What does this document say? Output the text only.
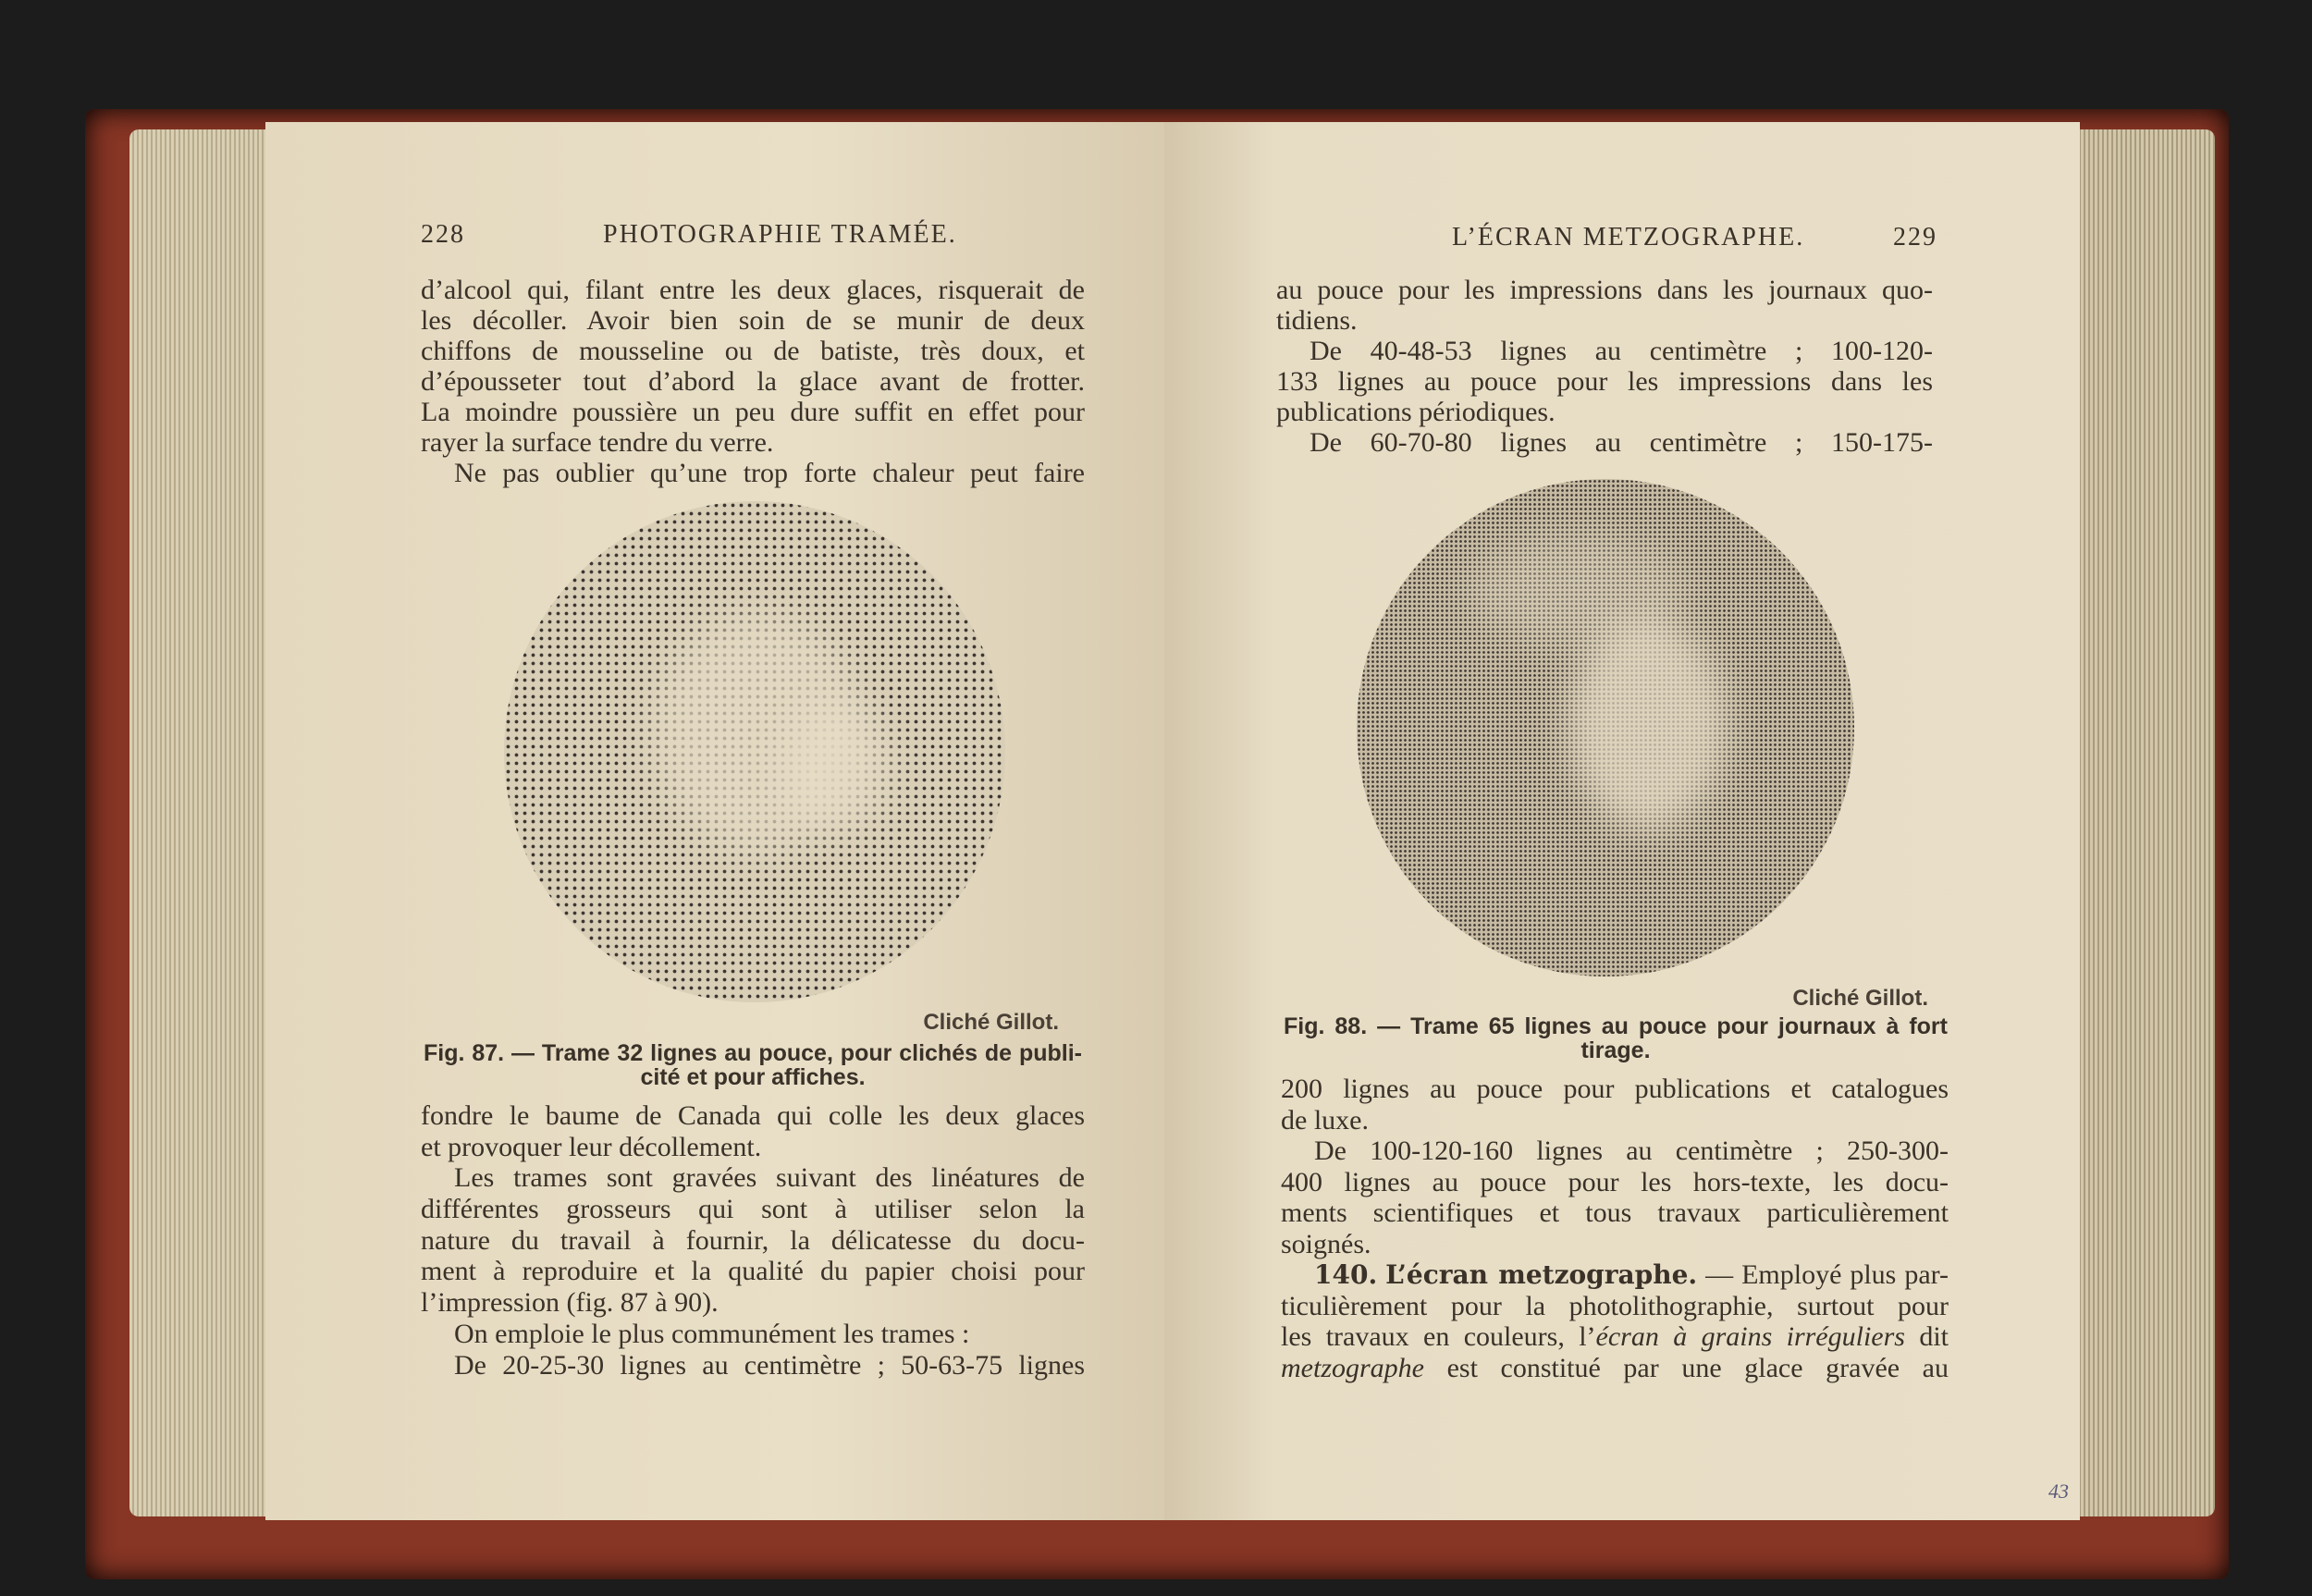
228	PHOTOGRAPHIE TRAMÉE.
d’alcool qui, filant entre les deux glaces, risquerait de
les décoller. Avoir bien soin de se munir de deux
chiffons de mousseline ou de batiste, très doux, et
d’épousseter tout d’abord la glace avant de frotter.
La moindre poussière un peu dure suffit en effet pour
rayer la surface tendre du verre.
Ne pas oublier qu’une trop forte chaleur peut faire
Cliché Gillot.
Fig. 87. — Trame 32 lignes au pouce, pour clichés de publi-
cité et pour affiches.
fondre le baume de Canada qui colle les deux glaces
et provoquer leur décollement.
Les trames sont gravées suivant des linéatures de
différentes grosseurs qui sont à utiliser selon la
nature du travail à fournir, la délicatesse du docu-
ment à reproduire et la qualité du papier choisi pour
l’impression (fig. 87 à 90).
On emploie le plus communément les trames :
De 20-25-30 lignes au centimètre ; 50-63-75 lignes
L’ÉCRAN METZOGRAPHE.	229
au pouce pour les impressions dans les journaux quo-
tidiens.
De 40-48-53 lignes au centimètre ; 100-120-
133 lignes au pouce pour les impressions dans les
publications périodiques.
De 60-70-80 lignes au centimètre ; 150-175-
Cliché Gillot.
Fig. 88. — Trame 65 lignes au pouce pour journaux à fort
tirage.
200 lignes au pouce pour publications et catalogues
de luxe.
De 100-120-160 lignes au centimètre ; 250-300-
400 lignes au pouce pour les hors-texte, les docu-
ments scientifiques et tous travaux particulièrement
soignés.
140. L’écran metzographe. — Employé plus par-
ticulièrement pour la photolithographie, surtout pour
les travaux en couleurs, l’écran à grains irréguliers dit
metzographe est constitué par une glace gravée au
43
